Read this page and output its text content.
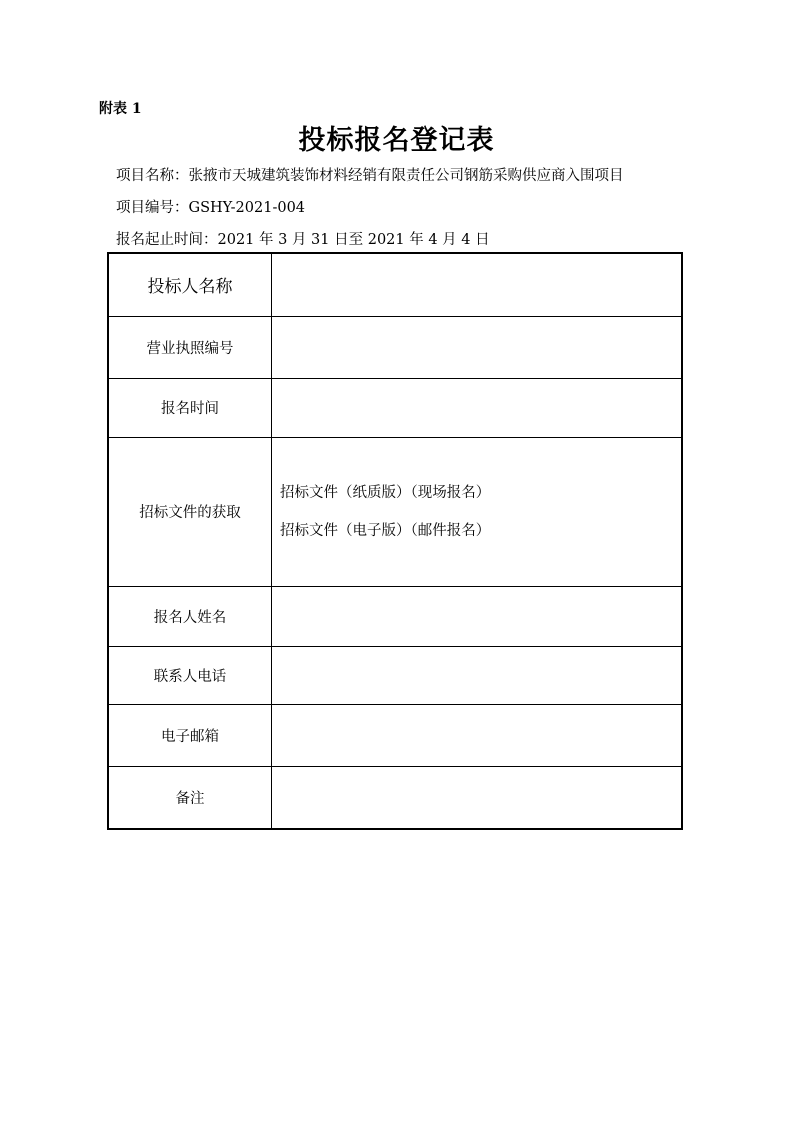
附表 1
投标报名登记表
项目名称：张掖市天城建筑装饰材料经销有限责任公司钢筋采购供应商入围项目
项目编号：GSHY-2021-004
报名起止时间：2021 年 3 月 31 日至 2021 年 4 月 4 日
投标人名称	
营业执照编号	
报名时间	
招标文件的获取	招标文件（纸质版）（现场报名）
招标文件（电子版）（邮件报名）

报名人姓名	
联系人电话	
电子邮箱	
备注	
